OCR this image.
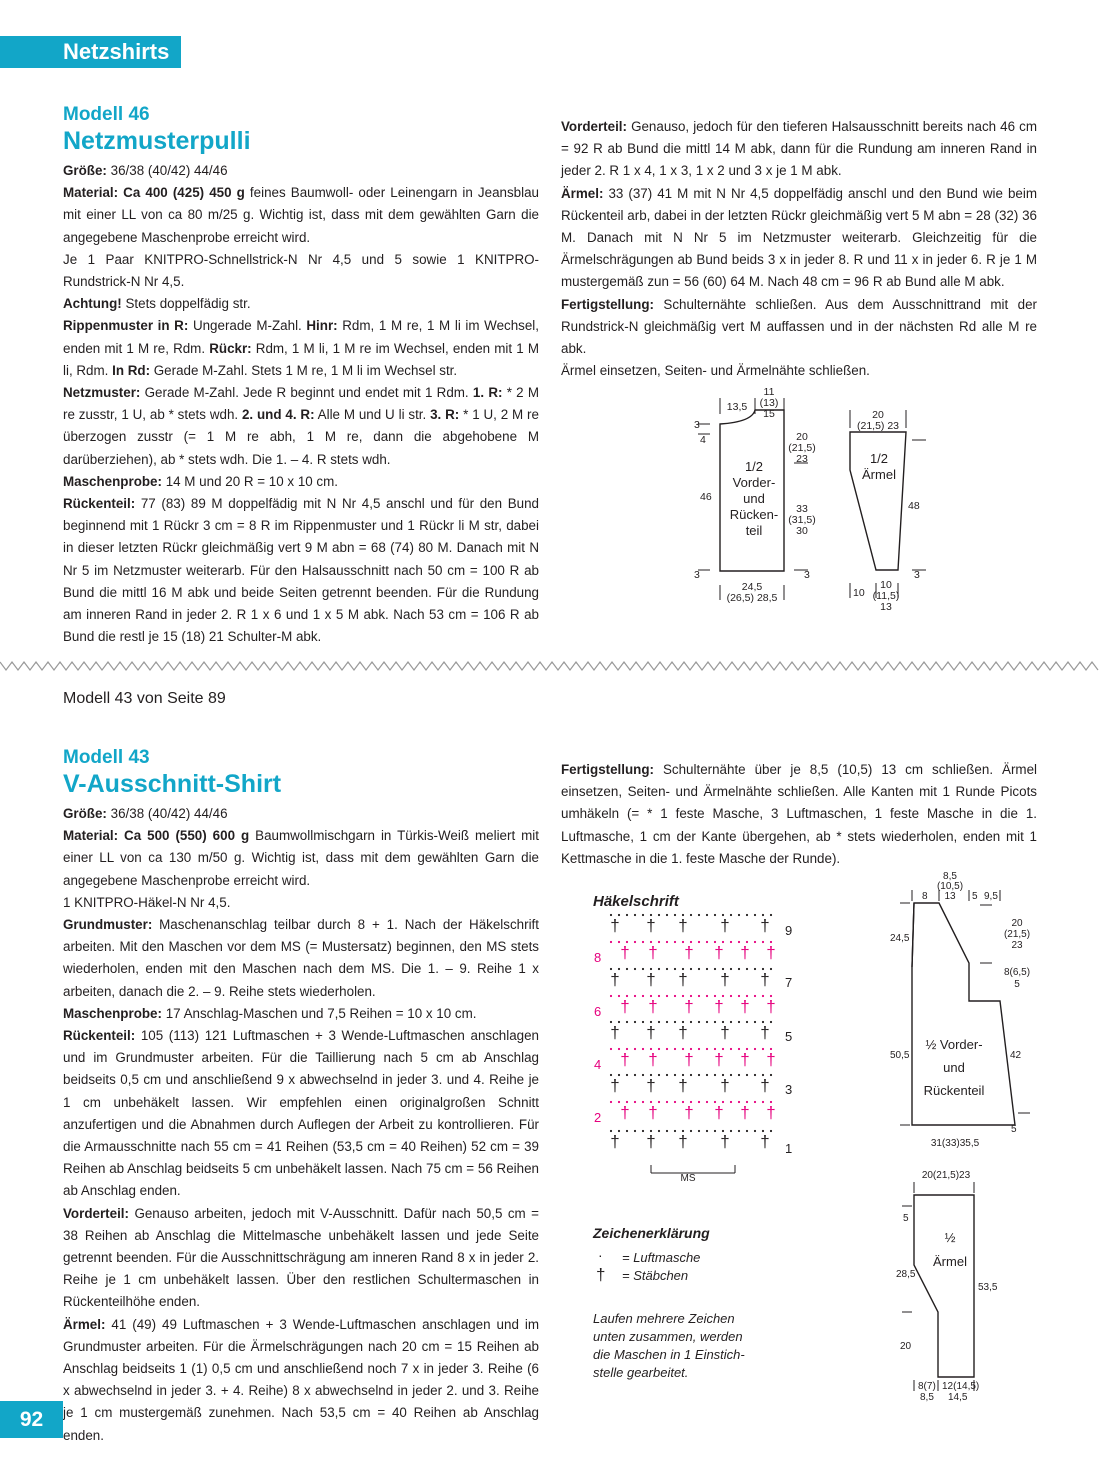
Netzshirts
Modell 46
Netzmusterpulli

Größe: 36/38 (40/42) 44/46

Material: Ca 400 (425) 450 g feines Baumwoll- oder Leinengarn in Jeansblau mit einer LL von ca 80 m/25 g. Wichtig ist, dass mit dem gewählten Garn die angegebene Maschenprobe erreicht wird.

Je 1 Paar KNITPRO-Schnellstrick-N Nr 4,5 und 5 sowie 1 KNITPRO-Rundstrick-N Nr 4,5.

Achtung! Stets doppelfädig str.

Rippenmuster in R: Ungerade M-Zahl. Hinr: Rdm, 1 M re, 1 M li im Wechsel, enden mit 1 M re, Rdm. Rückr: Rdm, 1 M li, 1 M re im Wechsel, enden mit 1 M li, Rdm. In Rd: Gerade M-Zahl. Stets 1 M re, 1 M li im Wechsel str.

Netzmuster: Gerade M-Zahl. Jede R beginnt und endet mit 1 Rdm. 1. R: * 2 M re zusstr, 1 U, ab * stets wdh. 2. und 4. R: Alle M und U li str. 3. R: * 1 U, 2 M re überzogen zusstr (= 1 M re abh, 1 M re, dann die abgehobene M darüberziehen), ab * stets wdh. Die 1. – 4. R stets wdh.

Maschenprobe: 14 M und 20 R = 10 x 10 cm.

Rückenteil: 77 (83) 89 M doppelfädig mit N Nr 4,5 anschl und für den Bund beginnend mit 1 Rückr 3 cm = 8 R im Rippenmuster und 1 Rückr li M str, dabei in dieser letzten Rückr gleichmäßig vert 9 M abn = 68 (74) 80 M. Danach mit N Nr 5 im Netzmuster weiterarb. Für den Halsausschnitt nach 50 cm = 100 R ab Bund die mittl 16 M abk und beide Seiten getrennt beenden. Für die Rundung am inneren Rand in jeder 2. R 1 x 6 und 1 x 5 M abk. Nach 53 cm = 106 R ab Bund die restl je 15 (18) 21 Schulter-M abk.

Vorderteil: Genauso, jedoch für den tieferen Halsausschnitt bereits nach 46 cm = 92 R ab Bund die mittl 14 M abk, dann für die Rundung am inneren Rand in jeder 2. R 1 x 4, 1 x 3, 1 x 2 und 3 x je 1 M abk.

Ärmel: 33 (37) 41 M mit N Nr 4,5 doppelfädig anschl und den Bund wie beim Rückenteil arb, dabei in der letzten Rückr gleichmäßig vert 5 M abn = 28 (32) 36 M. Danach mit N Nr 5 im Netzmuster weiterarb. Gleichzeitig für die Ärmelschrägungen ab Bund beids 3 x in jeder 8. R und 11 x in jeder 6. R je 1 M mustergemäß zun = 56 (60) 64 M. Nach 48 cm = 96 R ab Bund alle M abk.

Fertigstellung: Schulternähte schließen. Aus dem Ausschnittrand mit der Rundstrick-N gleichmäßig vert M auffassen und in der nächsten Rd alle M re abk.

Ärmel einsetzen, Seiten- und Ärmelnähte schließen.

11
(13)
15
13,5
3
4
46
3
20
(21,5)
23
33
(31,5)
30
3
24,5
(26,5) 28,5
20
(21,5) 23
48
3
10
10
(11,5)
13
1/2
Vorder-
und
Rücken-
teil
1/2
Ärmel
Modell 43 von Seite 89
Modell 43
V-Ausschnitt-Shirt

Größe: 36/38 (40/42) 44/46

Material: Ca 500 (550) 600 g Baumwollmischgarn in Türkis-Weiß meliert mit einer LL von ca 130 m/50 g. Wichtig ist, dass mit dem gewählten Garn die angegebene Maschenprobe erreicht wird.

1 KNITPRO-Häkel-N Nr 4,5.

Grundmuster: Maschenanschlag teilbar durch 8 + 1. Nach der Häkelschrift arbeiten. Mit den Maschen vor dem MS (= Mustersatz) beginnen, den MS stets wiederholen, enden mit den Maschen nach dem MS. Die 1. – 9. Reihe 1 x arbeiten, danach die 2. – 9. Reihe stets wiederholen.

Maschenprobe: 17 Anschlag-Maschen und 7,5 Reihen = 10 x 10 cm.

Rückenteil: 105 (113) 121 Luftmaschen + 3 Wende-Luftmaschen anschlagen und im Grundmuster arbeiten. Für die Taillierung nach 5 cm ab Anschlag beidseits 0,5 cm und anschließend 9 x abwechselnd in jeder 3. und 4. Reihe je 1 cm unbehäkelt lassen. Wir empfehlen einen originalgroßen Schnitt anzufertigen und die Abnahmen durch Auflegen der Arbeit zu kontrollieren. Für die Armausschnitte nach 55 cm = 41 Reihen (53,5 cm = 40 Reihen) 52 cm = 39 Reihen ab Anschlag beidseits 5 cm unbehäkelt lassen. Nach 75 cm = 56 Reihen ab Anschlag enden.

Vorderteil: Genauso arbeiten, jedoch mit V-Ausschnitt. Dafür nach 50,5 cm = 38 Reihen ab Anschlag die Mittelmasche unbehäkelt lassen und jede Seite getrennt beenden. Für die Ausschnittschrägung am inneren Rand 8 x in jeder 2. Reihe je 1 cm unbehäkelt lassen. Über den restlichen Schultermaschen in Rückenteilhöhe enden.

Ärmel: 41 (49) 49 Luftmaschen + 3 Wende-Luftmaschen anschlagen und im Grundmuster arbeiten. Für die Ärmelschrägungen nach 20 cm = 15 Reihen ab Anschlag beidseits 1 (1) 0,5 cm und anschließend noch 7 x in jeder 3. Reihe (6 x abwechselnd in jeder 3. + 4. Reihe) 8 x abwechselnd in jeder 2. und 3. Reihe je 1 cm mustergemäß zunehmen. Nach 53,5 cm = 40 Reihen ab Anschlag enden.

Fertigstellung: Schulternähte über je 8,5 (10,5) 13 cm schließen. Ärmel einsetzen, Seiten- und Ärmelnähte schließen. Alle Kanten mit 1 Runde Picots umhäkeln (= * 1 feste Masche, 3 Luftmaschen, 1 feste Masche in die 1. Luftmasche, 1 cm der Kante übergehen, ab * stets wiederholen, enden mit 1 Kettmasche in die 1. feste Masche der Runde).

Häkelschrift
† † † † †
† † † † † †
† † † † †
† † † † † †
† † † † †
† † † † † †
† † † † †
† † † † † †
† † † † †
9
7
5
3
1
8
6
4
2
MS
Zeichenerklärung
· = Luftmasche
† = Stäbchen
Laufen mehrere Zeichen
unten zusammen, werden
die Maschen in 1 Einstich-
stelle gearbeitet.
8,5
(10,5)
13
8	5 9,5
24,5
20
(21,5)
23
8(6,5)
5
50,5	42
5
31(33)35,5
½ Vorder-
und
Rückenteil
20(21,5)23
5
28,5
53,5
20
8(7) 12(14,5)
8,5 14,5
½
Ärmel
92
